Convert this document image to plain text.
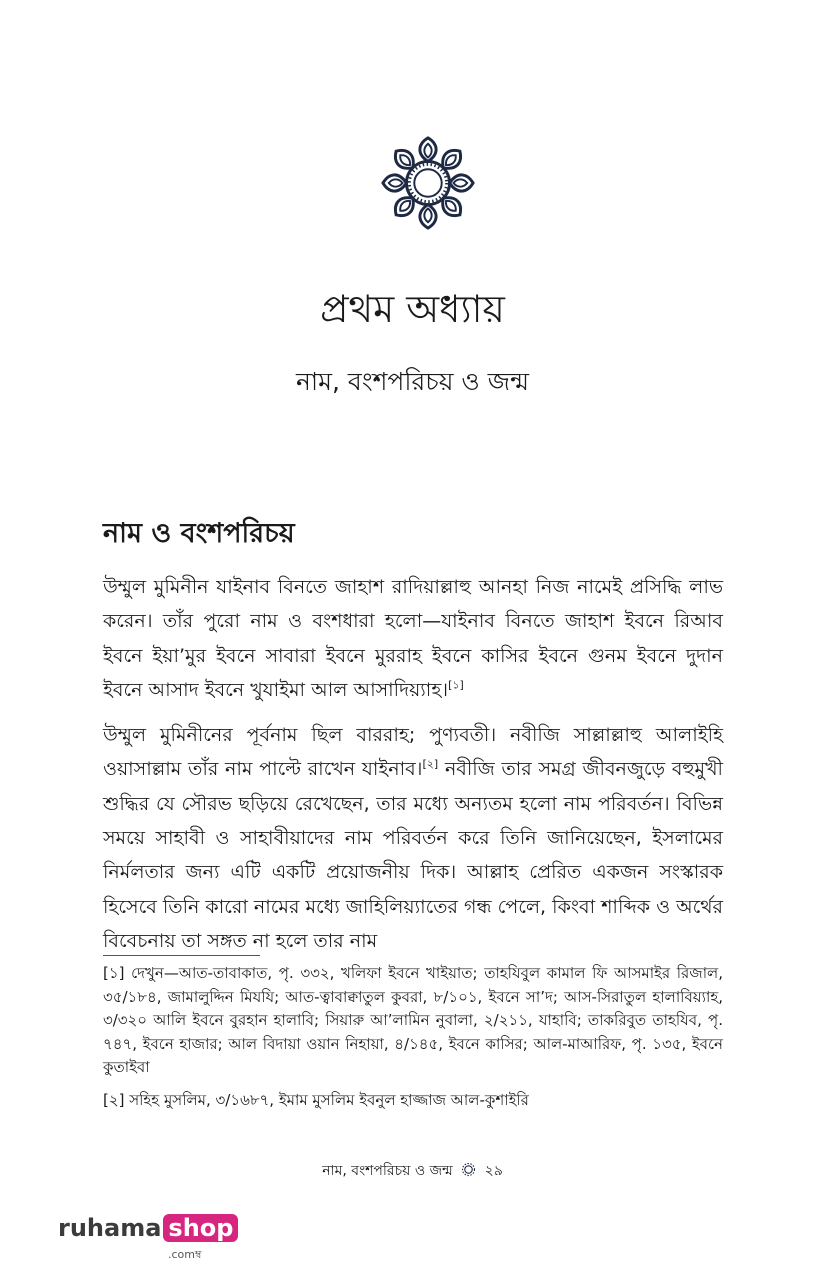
প্রথম অধ্যায়
নাম, বংশপরিচয় ও জন্ম
নাম ও বংশপরিচয়

উম্মুল মুমিনীন যাইনাব বিনতে জাহাশ রাদিয়াল্লাহু আনহা নিজ নামেই প্রসিদ্ধি লাভ করেন। তাঁর পুরো নাম ও বংশধারা হলো—যাইনাব বিনতে জাহাশ ইবনে রিআব ইবনে ইয়া’মুর ইবনে সাবারা ইবনে মুররাহ ইবনে কাসির ইবনে গুনম ইবনে দুদান ইবনে আসাদ ইবনে খুযাইমা আল আসাদিয়্যাহ।[১]

উম্মুল মুমিনীনের পূর্বনাম ছিল বাররাহ; পুণ্যবতী। নবীজি সাল্লাল্লাহু আলাইহি ওয়াসাল্লাম তাঁর নাম পাল্টে রাখেন যাইনাব।[২] নবীজি তার সমগ্র জীবনজুড়ে বহুমুখী শুদ্ধির যে সৌরভ ছড়িয়ে রেখেছেন, তার মধ্যে অন্যতম হলো নাম পরিবর্তন। বিভিন্ন সময়ে সাহাবী ও সাহাবীয়াদের নাম পরিবর্তন করে তিনি জানিয়েছেন, ইসলামের নির্মলতার জন্য এটি একটি প্রয়োজনীয় দিক। আল্লাহ প্রেরিত একজন সংস্কারক হিসেবে তিনি কারো নামের মধ্যে জাহিলিয়্যাতের গন্ধ পেলে, কিংবা শাব্দিক ও অর্থের বিবেচনায় তা সঙ্গত না হলে তার নাম

[১] দেখুন—আত-তাবাকাত, পৃ. ৩৩২, খলিফা ইবনে খাইয়াত; তাহযিবুল কামাল ফি আসমাইর রিজাল, ৩৫/১৮৪, জামালুদ্দিন মিযযি; আত-ত্বাবাক্বাতুল কুবরা, ৮/১০১, ইবনে সা’দ; আস-সিরাতুল হালাবিয়্যাহ, ৩/৩২০ আলি ইবনে বুরহান হালাবি; সিয়ারু আ’লামিন নুবালা, ২/২১১, যাহাবি; তাকরিবুত তাহযিব, পৃ. ৭৪৭, ইবনে হাজার; আল বিদায়া ওয়ান নিহায়া, ৪/১৪৫, ইবনে কাসির; আল-মাআরিফ, পৃ. ১৩৫, ইবনে কুতাইবা

[২] সহিহ মুসলিম, ৩/১৬৮৭, ইমাম মুসলিম ইবনুল হাজ্জাজ আল-কুশাইরি

নাম, বংশপরিচয় ও জন্ম ২৯
ruhama shop
.comম্ব
